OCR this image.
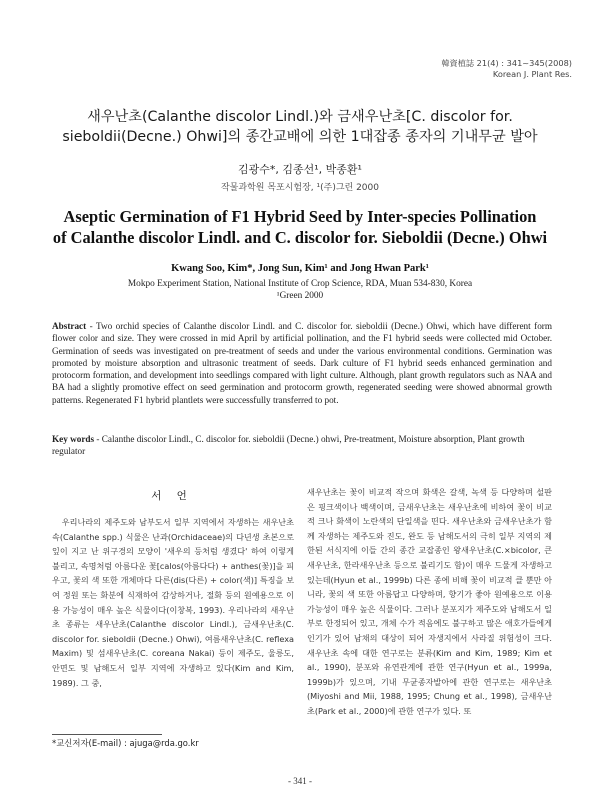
韓資植誌 21(4) : 341~345(2008)
Korean J. Plant Res.
새우난초(Calanthe discolor Lindl.)와 금새우난초[C. discolor for. sieboldii(Decne.) Ohwi]의 종간교배에 의한 1대잡종 종자의 기내무균 발아
김광수*, 김종선¹, 박종환¹
작물과학원 목포시험장, ¹(주)그린 2000
Aseptic Germination of F1 Hybrid Seed by Inter-species Pollination
of Calanthe discolor Lindl. and C. discolor for. Sieboldii (Decne.) Ohwi
Kwang Soo, Kim*, Jong Sun, Kim¹ and Jong Hwan Park¹
Mokpo Experiment Station, National Institute of Crop Science, RDA, Muan 534-830, Korea
¹Green 2000
Abstract - Two orchid species of Calanthe discolor Lindl. and C. discolor for. sieboldii (Decne.) Ohwi, which have different form flower color and size. They were crossed in mid April by artificial pollination, and the F1 hybrid seeds were collected mid October. Germination of seeds was investigated on pre-treatment of seeds and under the various environmental conditions. Germination was promoted by moisture absorption and ultrasonic treatment of seeds. Dark culture of F1 hybrid seeds enhanced germination and protocorm formation, and development into seedlings compared with light culture. Although, plant growth regulators such as NAA and BA had a slightly promotive effect on seed germination and protocorm growth, regenerated seeding were showed abnormal growth patterns. Regenerated F1 hybrid plantlets were successfully transferred to pot.
Key words - Calanthe discolor Lindl., C. discolor for. sieboldii (Decne.) ohwi, Pre-treatment, Moisture absorption, Plant growth regulator
서 언
우리나라의 제주도와 남부도서 일부 지역에서 자생하는 새우난초 속(Calanthe spp.) 식물은 난과(Orchidaceae)의 다년생 초본으로 잎이 지고 난 위구경의 모양이 '새우의 등처럼 생겼다' 하여 이렇게 불리고, 속명처럼 아름다운 꽃[calos(아름다다) + anthes(꽃)]을 피우고, 꽃의 색 또한 개체마다 다른(dis(다른) + color(색)] 특징을 보여 정원 또는 화분에 식재하여 감상하거나, 절화 등의 원예용으로 이용 가능성이 매우 높은 식물이다(이창복, 1993). 우리나라의 새우난초 종류는 새우난초(Calanthe discolor Lindl.), 금새우난초(C. discolor for. sieboldii (Decne.) Ohwi), 여름새우난초(C. reflexa Maxim) 및 섬새우난초(C. coreana Nakai) 등이 제주도, 울릉도, 안면도 및 남해도서 일부 지역에 자생하고 있다(Kim and Kim, 1989). 그 중,
새우난초는 꽃이 비교적 작으며 화색은 갈색, 녹색 등 다양하며 설판은 핑크색이나 백색이며, 금새우난초는 새우난초에 비하여 꽃이 비교적 크나 화색이 노란색의 단일색을 띤다. 새우난초와 금새우난초가 함께 자생하는 제주도와 진도, 완도 등 남해도서의 극히 일부 지역의 제한된 서식지에 이들 간의 종간 교잡종인 왕새우난초(C.×bicolor, 큰새우난초, 한라새우난초 등으로 불리기도 함)이 매우 드물게 자생하고 있는데(Hyun et al., 1999b) 다른 종에 비해 꽃이 비교적 클 뿐만 아니라, 꽃의 색 또한 아름답고 다양하며, 향기가 좋아 원예용으로 이용 가능성이 매우 높은 식물이다. 그러나 분포지가 제주도와 남해도서 일부로 한정되어 있고, 개체 수가 적음에도 불구하고 많은 애호가들에게 인기가 있어 남채의 대상이 되어 자생지에서 사라질 위험성이 크다. 새우난초 속에 대한 연구로는 분류(Kim and Kim, 1989; Kim et al., 1990), 분포와 유연관계에 관한 연구(Hyun et al., 1999a, 1999b)가 있으며, 기내 무균종자발아에 관한 연구로는 새우난초(Miyoshi and Mii, 1988, 1995; Chung et al., 1998), 금새우난초(Park et al., 2000)에 관한 연구가 있다. 또
*교신저자(E-mail) : ajuga@rda.go.kr
- 341 -
